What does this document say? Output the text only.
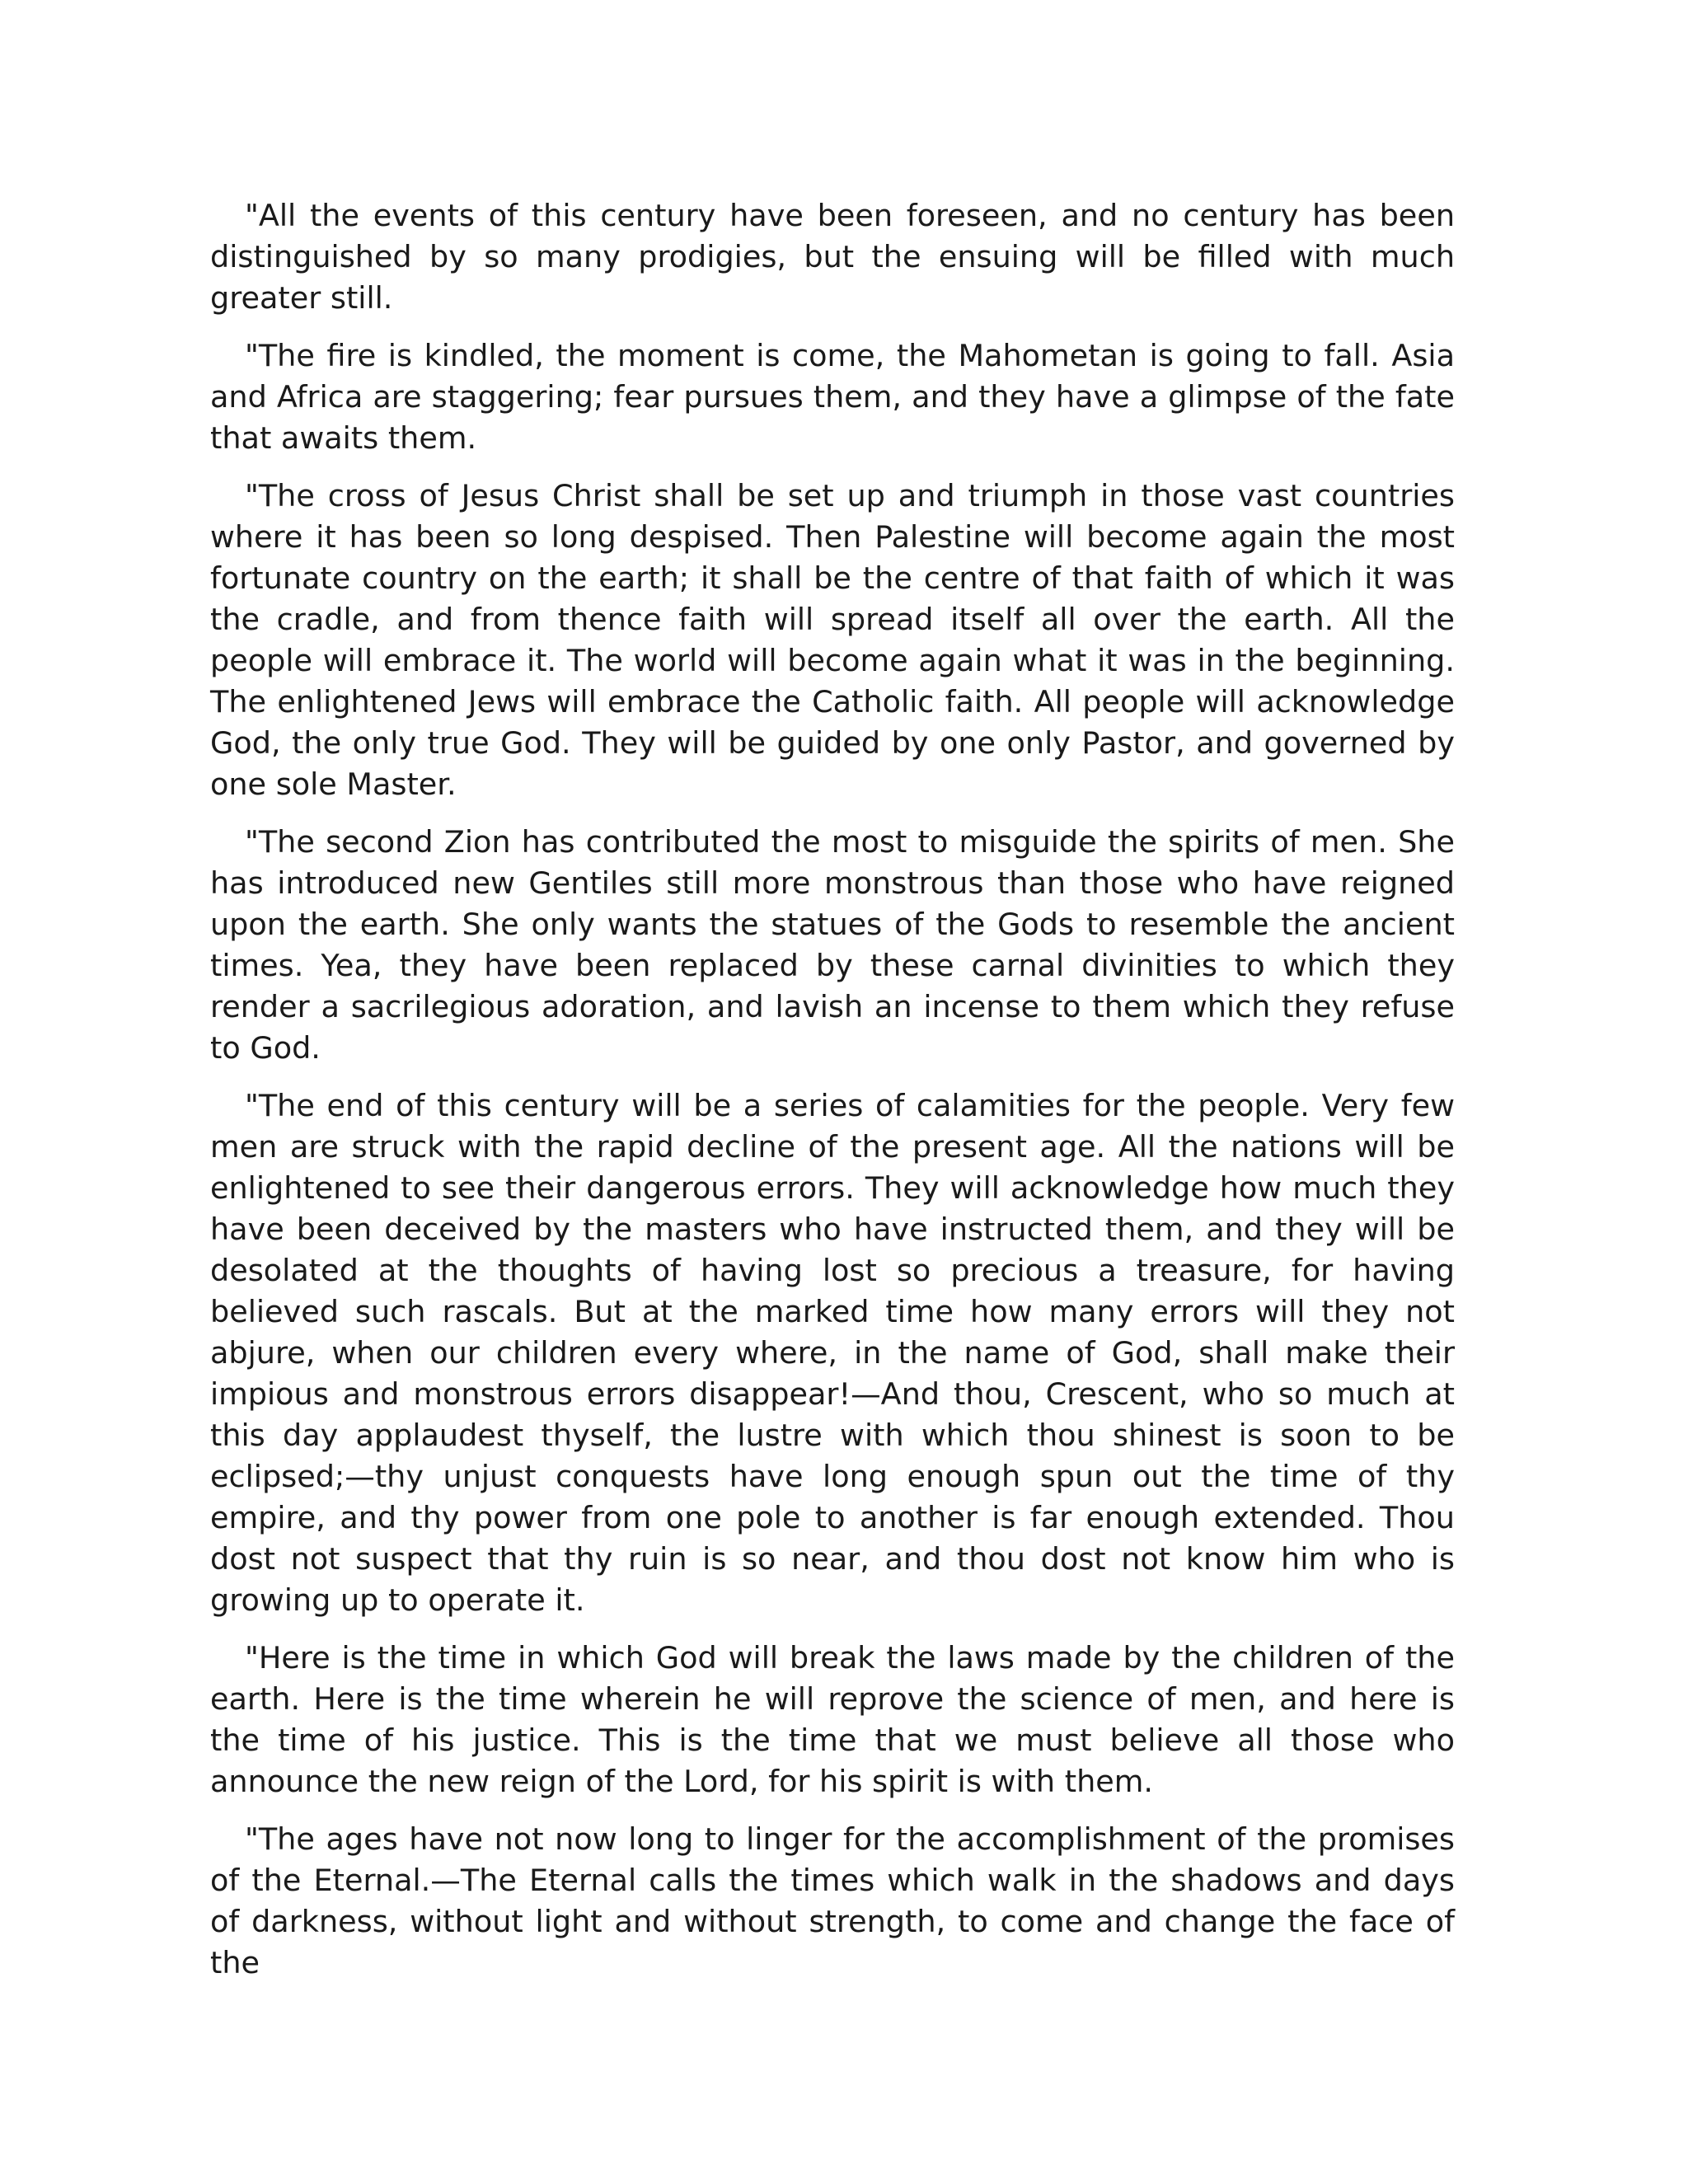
"All the events of this century have been foreseen, and no century has been distinguished by so many prodigies, but the ensuing will be filled with much greater still.

"The fire is kindled, the moment is come, the Mahometan is going to fall. Asia and Africa are staggering; fear pursues them, and they have a glimpse of the fate that awaits them.

"The cross of Jesus Christ shall be set up and triumph in those vast countries where it has been so long despised. Then Palestine will become again the most fortunate country on the earth; it shall be the centre of that faith of which it was the cradle, and from thence faith will spread itself all over the earth. All the people will embrace it. The world will become again what it was in the beginning. The enlightened Jews will embrace the Catholic faith. All people will acknowledge God, the only true God. They will be guided by one only Pastor, and governed by one sole Master.

"The second Zion has contributed the most to misguide the spirits of men. She has introduced new Gentiles still more monstrous than those who have reigned upon the earth. She only wants the statues of the Gods to resemble the ancient times. Yea, they have been replaced by these carnal divinities to which they render a sacrilegious adoration, and lavish an incense to them which they refuse to God.

"The end of this century will be a series of calamities for the people. Very few men are struck with the rapid decline of the present age. All the nations will be enlightened to see their dangerous errors. They will acknowledge how much they have been deceived by the masters who have instructed them, and they will be desolated at the thoughts of having lost so precious a treasure, for having believed such rascals. But at the marked time how many errors will they not abjure, when our children every where, in the name of God, shall make their impious and monstrous errors disappear!—And thou, Crescent, who so much at this day applaudest thyself, the lustre with which thou shinest is soon to be eclipsed;—thy unjust conquests have long enough spun out the time of thy empire, and thy power from one pole to another is far enough extended. Thou dost not suspect that thy ruin is so near, and thou dost not know him who is growing up to operate it.

"Here is the time in which God will break the laws made by the children of the earth. Here is the time wherein he will reprove the science of men, and here is the time of his justice. This is the time that we must believe all those who announce the new reign of the Lord, for his spirit is with them.

"The ages have not now long to linger for the accomplishment of the promises of the Eternal.—The Eternal calls the times which walk in the shadows and days of darkness, without light and without strength, to come and change the face of the
